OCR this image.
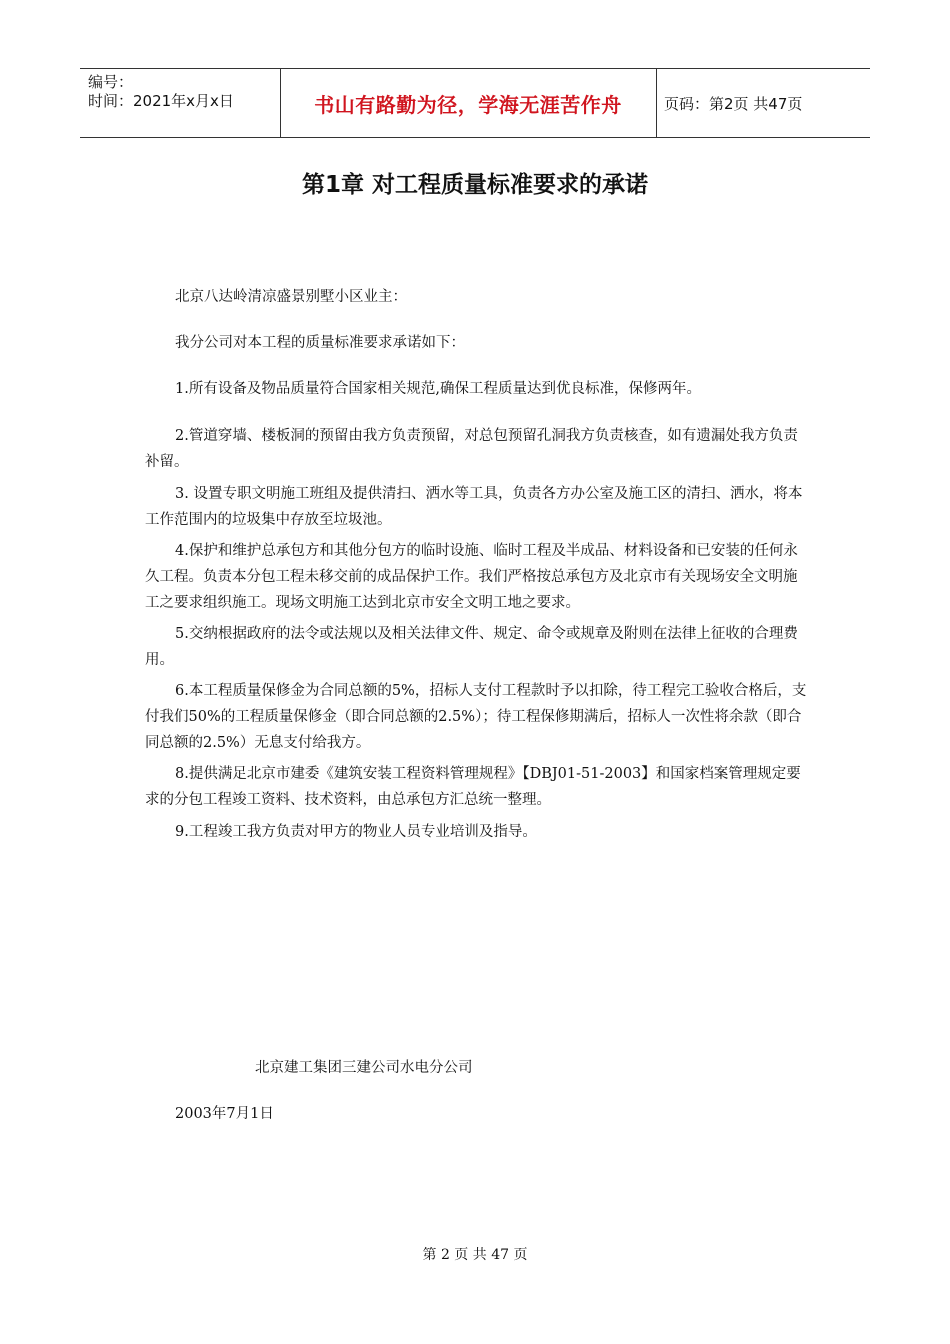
编号：
时间：2021年x月x日	书山有路勤为径，学海无涯苦作舟	页码：第2页 共47页
第1章 对工程质量标准要求的承诺
北京八达岭清凉盛景别墅小区业主：
我分公司对本工程的质量标准要求承诺如下：
1.所有设备及物品质量符合国家相关规范,确保工程质量达到优良标准，保修两年。

2.管道穿墙、楼板洞的预留由我方负责预留，对总包预留孔洞我方负责核查，如有遗漏处我方负责补留。

3. 设置专职文明施工班组及提供清扫、洒水等工具，负责各方办公室及施工区的清扫、洒水，将本工作范围内的垃圾集中存放至垃圾池。

4.保护和维护总承包方和其他分包方的临时设施、临时工程及半成品、材料设备和已安装的任何永久工程。负责本分包工程未移交前的成品保护工作。我们严格按总承包方及北京市有关现场安全文明施工之要求组织施工。现场文明施工达到北京市安全文明工地之要求。

5.交纳根据政府的法令或法规以及相关法律文件、规定、命令或规章及附则在法律上征收的合理费用。

6.本工程质量保修金为合同总额的5%，招标人支付工程款时予以扣除，待工程完工验收合格后，支付我们50%的工程质量保修金（即合同总额的2.5%）；待工程保修期满后，招标人一次性将余款（即合同总额的2.5%）无息支付给我方。

8.提供满足北京市建委《建筑安装工程资料管理规程》【DBJ01-51-2003】和国家档案管理规定要求的分包工程竣工资料、技术资料，由总承包方汇总统一整理。

9.工程竣工我方负责对甲方的物业人员专业培训及指导。
北京建工集团三建公司水电分公司
2003年7月1日
第 2 页 共 47 页
